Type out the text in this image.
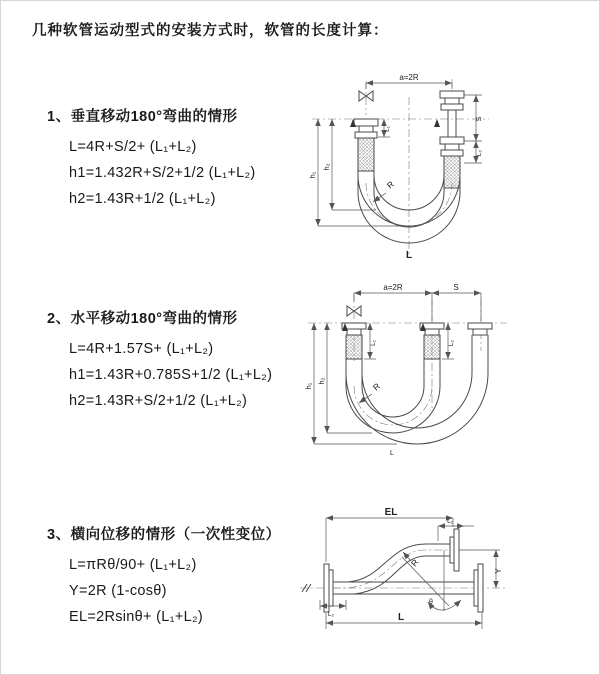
几种软管运动型式的安装方式时，软管的长度计算：
1、垂直移动180°弯曲的情形
L=4R+S/2+ (L₁+L₂)
h1=1.432R+S/2+1/2 (L₁+L₂)
h2=1.43R+1/2 (L₁+L₂)
2、水平移动180°弯曲的情形
L=4R+1.57S+ (L₁+L₂)
h1=1.43R+0.785S+1/2 (L₁+L₂)
h2=1.43R+S/2+1/2 (L₁+L₂)
3、横向位移的情形（一次性变位）
L=πRθ/90+ (L₁+L₂)
Y=2R (1-cosθ)
EL=2Rsinθ+ (L₁+L₂)
a=2R
h₁
h₂
L₁
S
L₂
R
L
a=2R	S
h₁
h₂
L₁	L₂
R
L
EL
L₁
Y
R
θ
L
L₂
